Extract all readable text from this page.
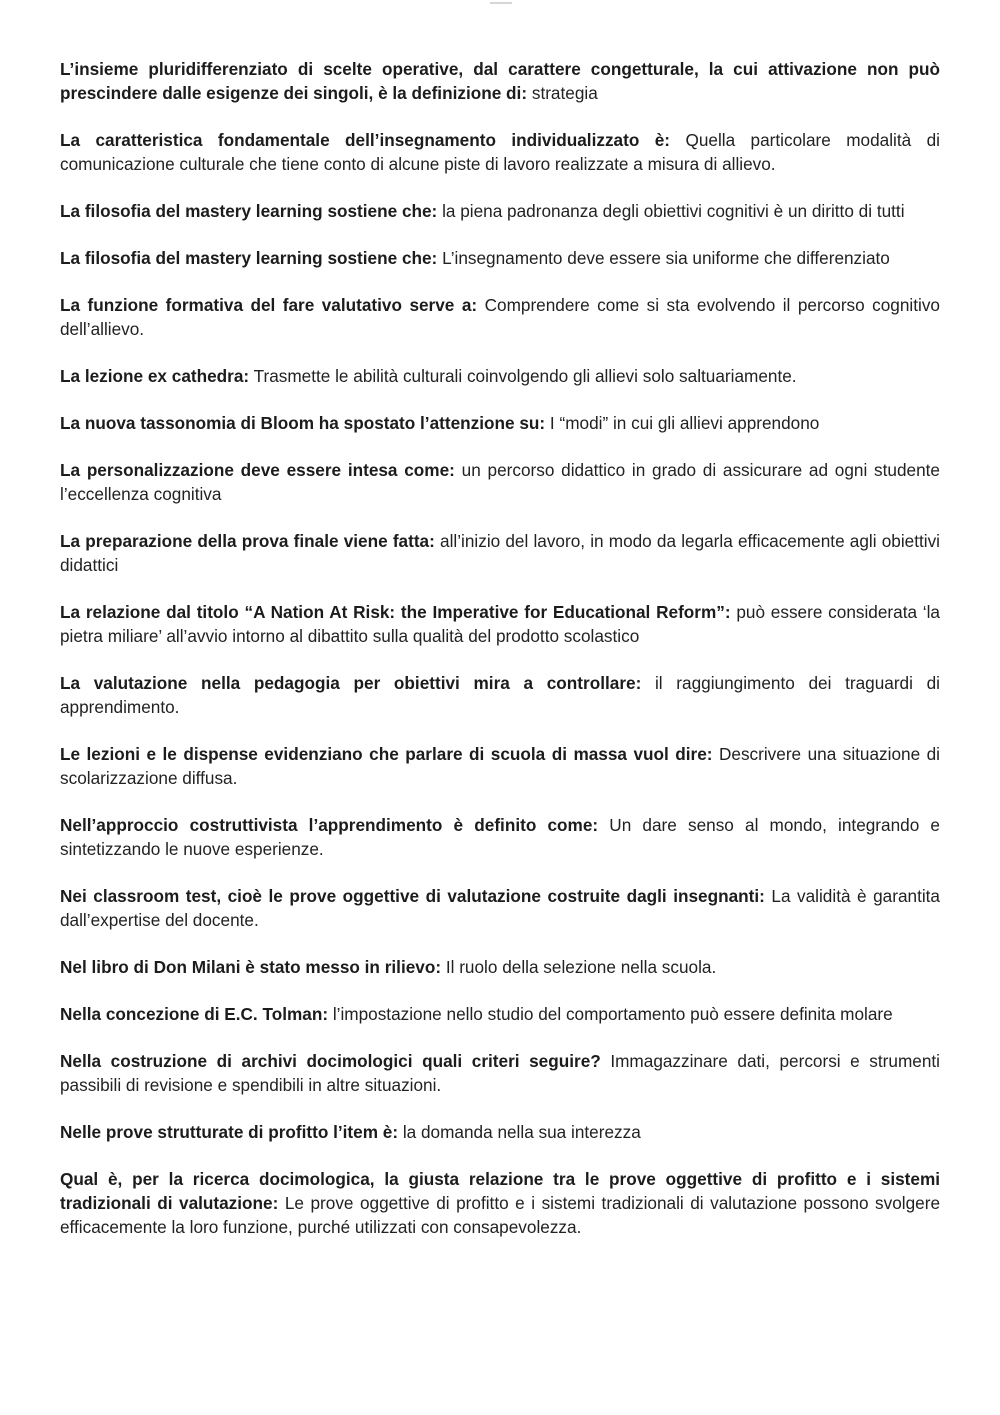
L’insieme pluridifferenziato di scelte operative, dal carattere congetturale, la cui attivazione non può prescindere dalle esigenze dei singoli, è la definizione di: strategia

La caratteristica fondamentale dell’insegnamento individualizzato è: Quella particolare modalità di comunicazione culturale che tiene conto di alcune piste di lavoro realizzate a misura di allievo.

La filosofia del mastery learning sostiene che: la piena padronanza degli obiettivi cognitivi è un diritto di tutti

La filosofia del mastery learning sostiene che: L’insegnamento deve essere sia uniforme che differenziato

La funzione formativa del fare valutativo serve a: Comprendere come si sta evolvendo il percorso cognitivo dell’allievo.

La lezione ex cathedra: Trasmette le abilità culturali coinvolgendo gli allievi solo saltuariamente.

La nuova tassonomia di Bloom ha spostato l’attenzione su: I “modi” in cui gli allievi apprendono

La personalizzazione deve essere intesa come: un percorso didattico in grado di assicurare ad ogni studente l’eccellenza cognitiva

La preparazione della prova finale viene fatta: all’inizio del lavoro, in modo da legarla efficacemente agli obiettivi didattici

La relazione dal titolo “A Nation At Risk: the Imperative for Educational Reform”: può essere considerata ‘la pietra miliare’ all’avvio intorno al dibattito sulla qualità del prodotto scolastico

La valutazione nella pedagogia per obiettivi mira a controllare: il raggiungimento dei traguardi di apprendimento.

Le lezioni e le dispense evidenziano che parlare di scuola di massa vuol dire: Descrivere una situazione di scolarizzazione diffusa.

Nell’approccio costruttivista l’apprendimento è definito come: Un dare senso al mondo, integrando e sintetizzando le nuove esperienze.

Nei classroom test, cioè le prove oggettive di valutazione costruite dagli insegnanti: La validità è garantita dall’expertise del docente.

Nel libro di Don Milani è stato messo in rilievo: Il ruolo della selezione nella scuola.

Nella concezione di E.C. Tolman: l’impostazione nello studio del comportamento può essere definita molare

Nella costruzione di archivi docimologici quali criteri seguire? Immagazzinare dati, percorsi e strumenti passibili di revisione e spendibili in altre situazioni.

Nelle prove strutturate di profitto l’item è: la domanda nella sua interezza

Qual è, per la ricerca docimologica, la giusta relazione tra le prove oggettive di profitto e i sistemi tradizionali di valutazione: Le prove oggettive di profitto e i sistemi tradizionali di valutazione possono svolgere efficacemente la loro funzione, purché utilizzati con consapevolezza.
